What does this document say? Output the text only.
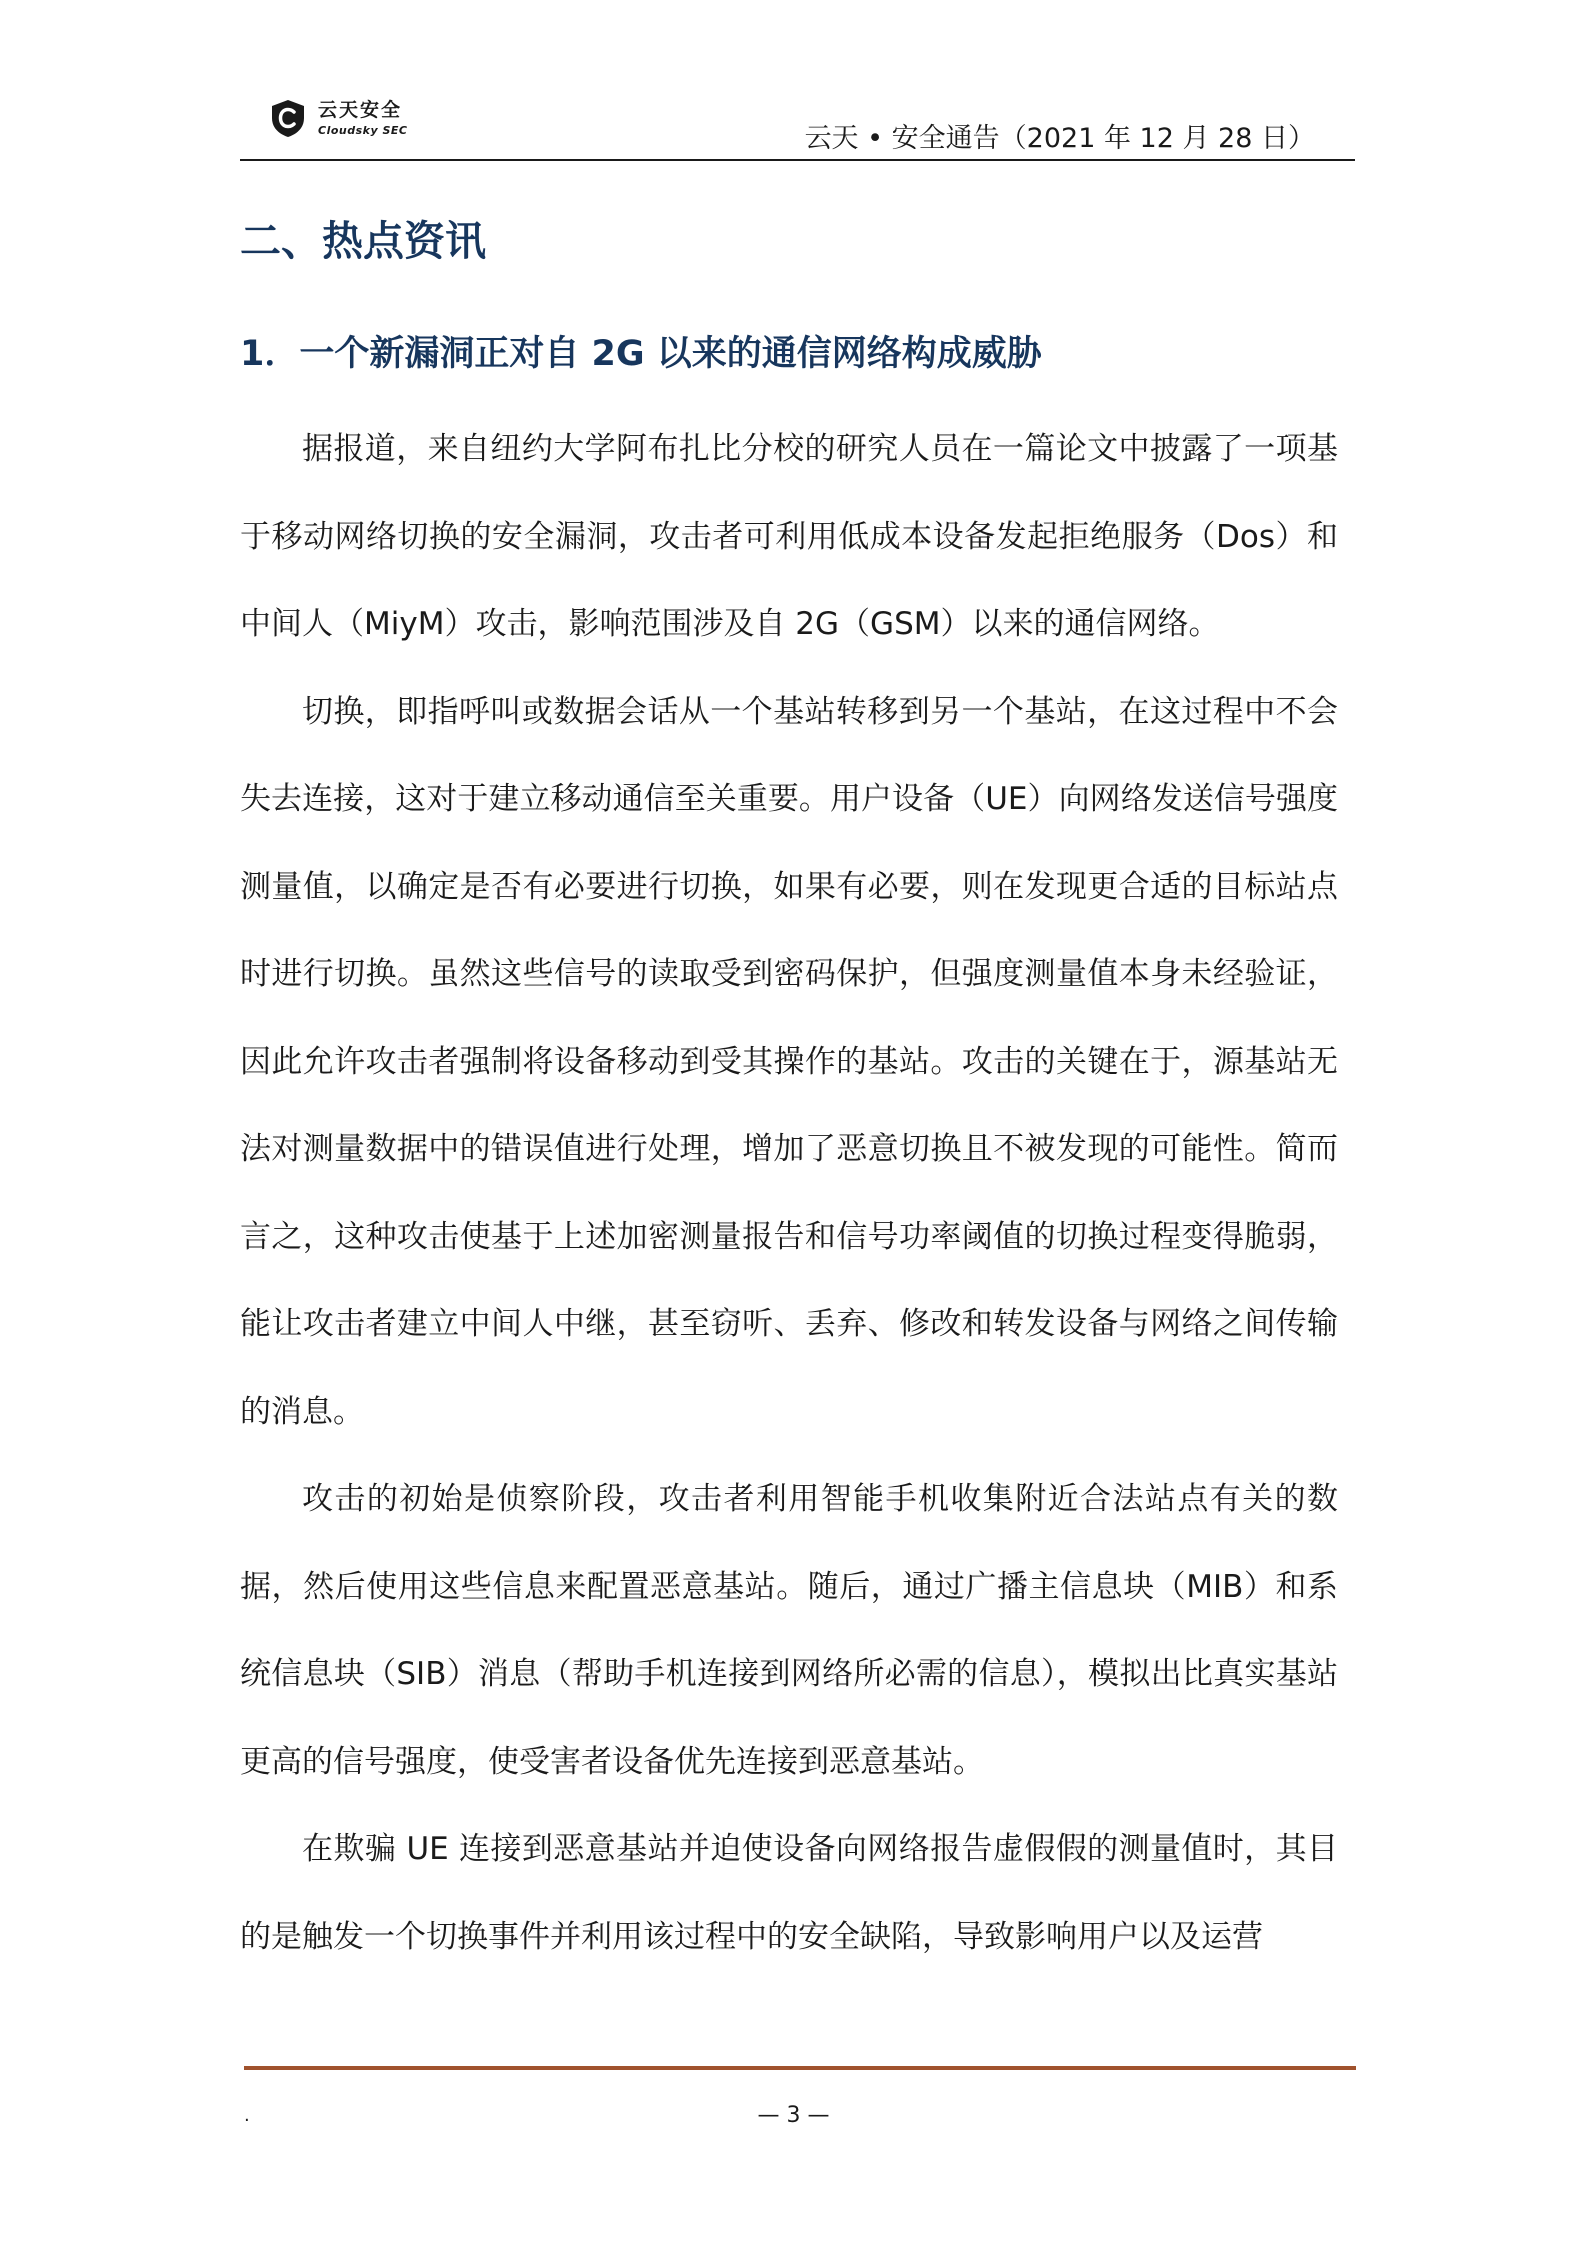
云天安全
Cloudsky SEC	云天 • 安全通告（2021 年 12 月 28 日）
二、热点资讯
1．一个新漏洞正对自 2G 以来的通信网络构成威胁

据报道，来自纽约大学阿布扎比分校的研究人员在一篇论文中披露了一项基于移动网络切换的安全漏洞，攻击者可利用低成本设备发起拒绝服务（Dos）和中间人（MiyM）攻击，影响范围涉及自 2G（GSM）以来的通信网络。

切换，即指呼叫或数据会话从一个基站转移到另一个基站，在这过程中不会失去连接，这对于建立移动通信至关重要。用户设备（UE）向网络发送信号强度测量值，以确定是否有必要进行切换，如果有必要，则在发现更合适的目标站点时进行切换。虽然这些信号的读取受到密码保护，但强度测量值本身未经验证，因此允许攻击者强制将设备移动到受其操作的基站。攻击的关键在于，源基站无法对测量数据中的错误值进行处理，增加了恶意切换且不被发现的可能性。简而言之，这种攻击使基于上述加密测量报告和信号功率阈值的切换过程变得脆弱，能让攻击者建立中间人中继，甚至窃听、丢弃、修改和转发设备与网络之间传输的消息。

攻击的初始是侦察阶段，攻击者利用智能手机收集附近合法站点有关的数据，然后使用这些信息来配置恶意基站。随后，通过广播主信息块（MIB）和系统信息块（SIB）消息（帮助手机连接到网络所必需的信息），模拟出比真实基站更高的信号强度，使受害者设备优先连接到恶意基站。

在欺骗 UE 连接到恶意基站并迫使设备向网络报告虚假假的测量值时，其目的是触发一个切换事件并利用该过程中的安全缺陷，导致影响用户以及运营

.	— 3 —
